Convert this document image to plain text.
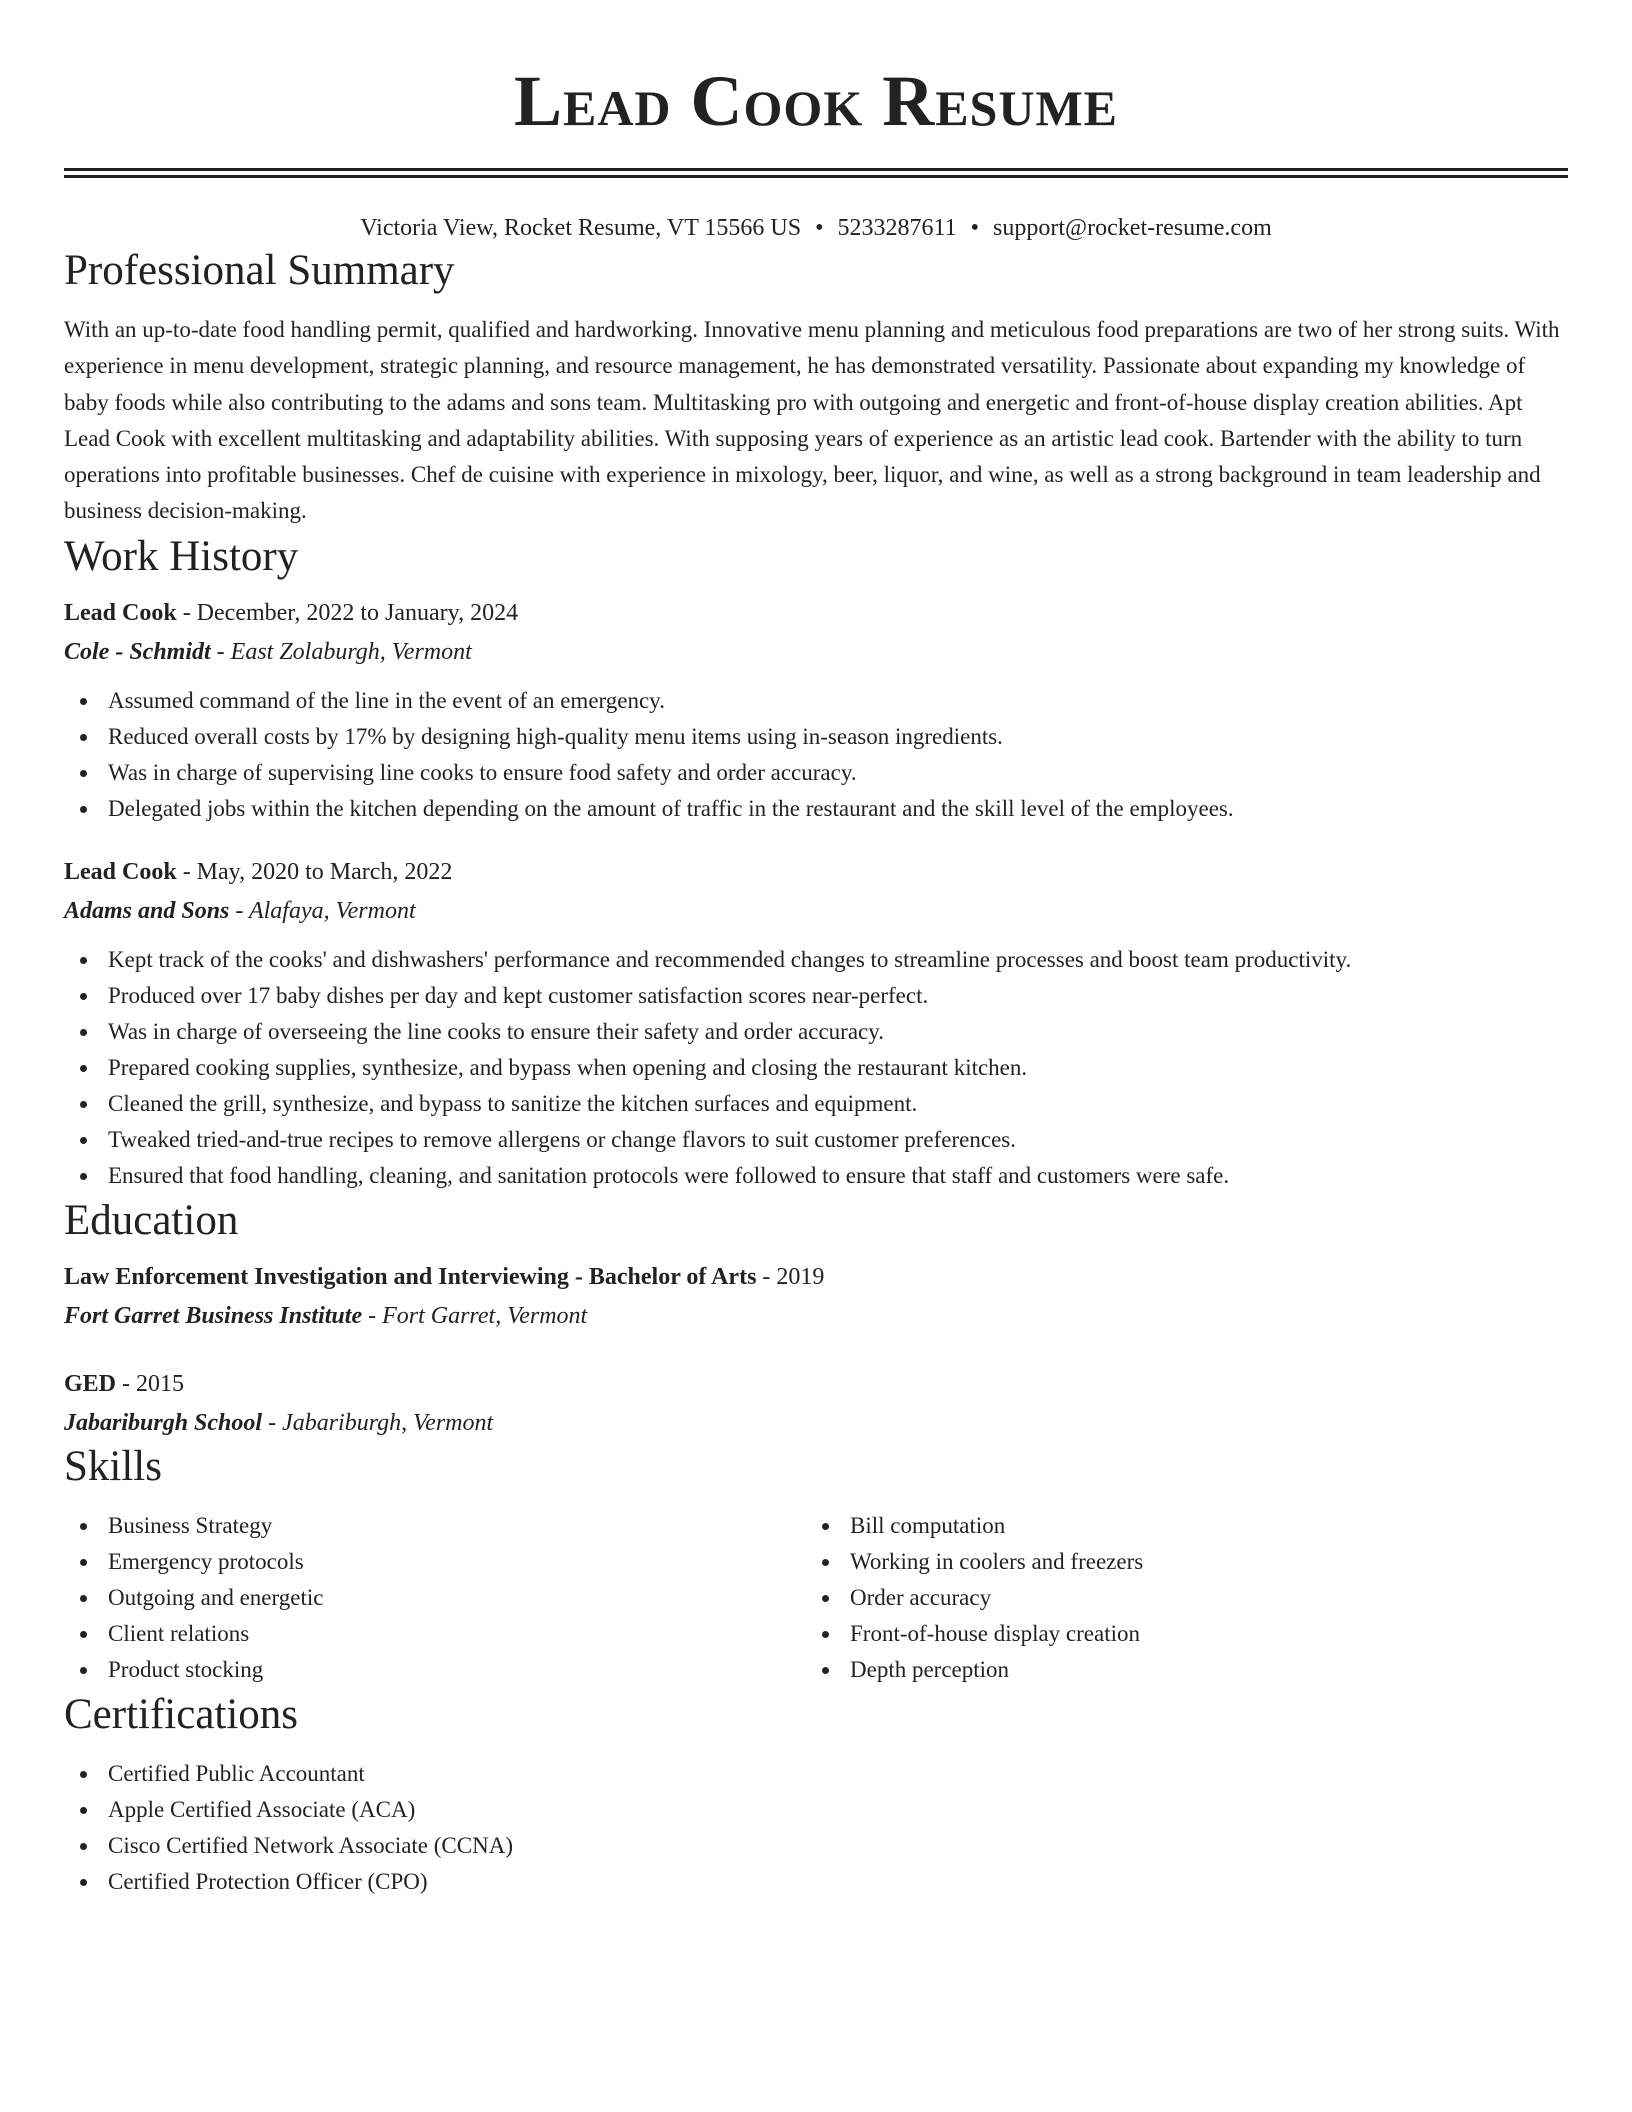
Lead Cook Resume
Victoria View, Rocket Resume, VT 15566 US • 5233287611 • support@rocket-resume.com
Professional Summary

With an up-to-date food handling permit, qualified and hardworking. Innovative menu planning and meticulous food preparations are two of her strong suits. With experience in menu development, strategic planning, and resource management, he has demonstrated versatility. Passionate about expanding my knowledge of baby foods while also contributing to the adams and sons team. Multitasking pro with outgoing and energetic and front-of-house display creation abilities. Apt Lead Cook with excellent multitasking and adaptability abilities. With supposing years of experience as an artistic lead cook. Bartender with the ability to turn operations into profitable businesses. Chef de cuisine with experience in mixology, beer, liquor, and wine, as well as a strong background in team leadership and business decision-making.

Work History
Lead Cook - December, 2022 to January, 2024
Cole - Schmidt - East Zolaburgh, Vermont
Assumed command of the line in the event of an emergency.
Reduced overall costs by 17% by designing high-quality menu items using in-season ingredients.
Was in charge of supervising line cooks to ensure food safety and order accuracy.
Delegated jobs within the kitchen depending on the amount of traffic in the restaurant and the skill level of the employees.
Lead Cook - May, 2020 to March, 2022
Adams and Sons - Alafaya, Vermont
Kept track of the cooks' and dishwashers' performance and recommended changes to streamline processes and boost team productivity.
Produced over 17 baby dishes per day and kept customer satisfaction scores near-perfect.
Was in charge of overseeing the line cooks to ensure their safety and order accuracy.
Prepared cooking supplies, synthesize, and bypass when opening and closing the restaurant kitchen.
Cleaned the grill, synthesize, and bypass to sanitize the kitchen surfaces and equipment.
Tweaked tried-and-true recipes to remove allergens or change flavors to suit customer preferences.
Ensured that food handling, cleaning, and sanitation protocols were followed to ensure that staff and customers were safe.
Education
Law Enforcement Investigation and Interviewing - Bachelor of Arts - 2019
Fort Garret Business Institute - Fort Garret, Vermont
GED - 2015
Jabariburgh School - Jabariburgh, Vermont
Skills
Business Strategy
Emergency protocols
Outgoing and energetic
Client relations
Product stocking
Bill computation
Working in coolers and freezers
Order accuracy
Front-of-house display creation
Depth perception
Certifications
Certified Public Accountant
Apple Certified Associate (ACA)
Cisco Certified Network Associate (CCNA)
Certified Protection Officer (CPO)
